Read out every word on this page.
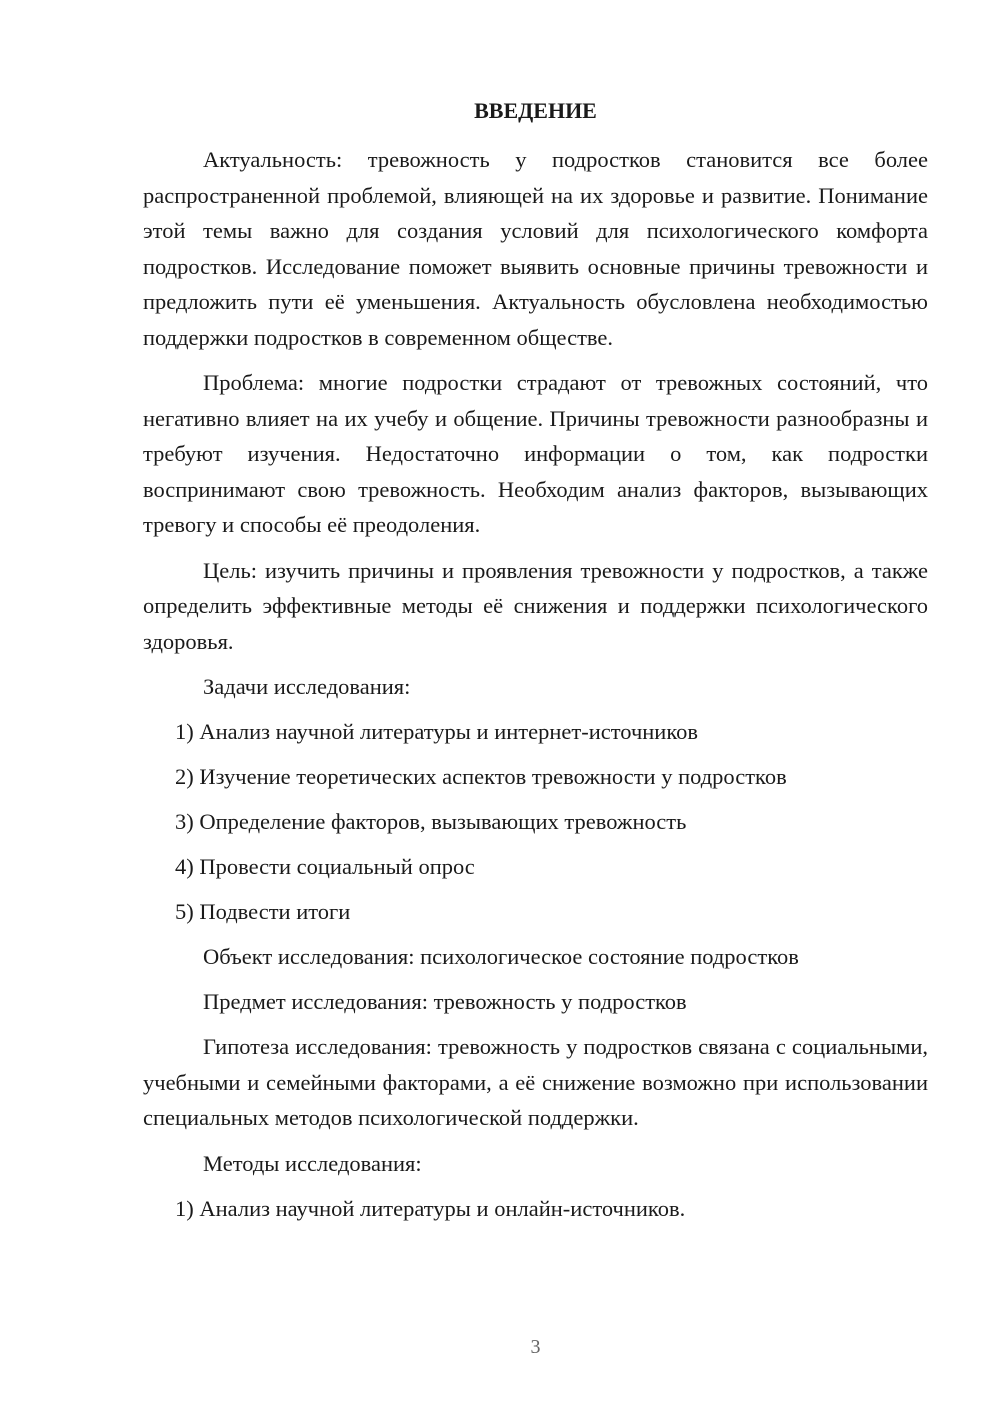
ВВЕДЕНИЕ

Актуальность: тревожность у подростков становится все более распространенной проблемой, влияющей на их здоровье и развитие. Понимание этой темы важно для создания условий для психологического комфорта подростков. Исследование поможет выявить основные причины тревожности и предложить пути её уменьшения. Актуальность обусловлена необходимостью поддержки подростков в современном обществе.

Проблема: многие подростки страдают от тревожных состояний, что негативно влияет на их учебу и общение. Причины тревожности разнообразны и требуют изучения. Недостаточно информации о том, как подростки воспринимают свою тревожность. Необходим анализ факторов, вызывающих тревогу и способы её преодоления.

Цель: изучить причины и проявления тревожности у подростков, а также определить эффективные методы её снижения и поддержки психологического здоровья.

Задачи исследования:

1) Анализ научной литературы и интернет-источников

2) Изучение теоретических аспектов тревожности у подростков

3) Определение факторов, вызывающих тревожность

4) Провести социальный опрос

5) Подвести итоги

Объект исследования: психологическое состояние подростков

Предмет исследования: тревожность у подростков

Гипотеза исследования: тревожность у подростков связана с социальными, учебными и семейными факторами, а её снижение возможно при использовании специальных методов психологической поддержки.

Методы исследования:

1) Анализ научной литературы и онлайн-источников.

3
